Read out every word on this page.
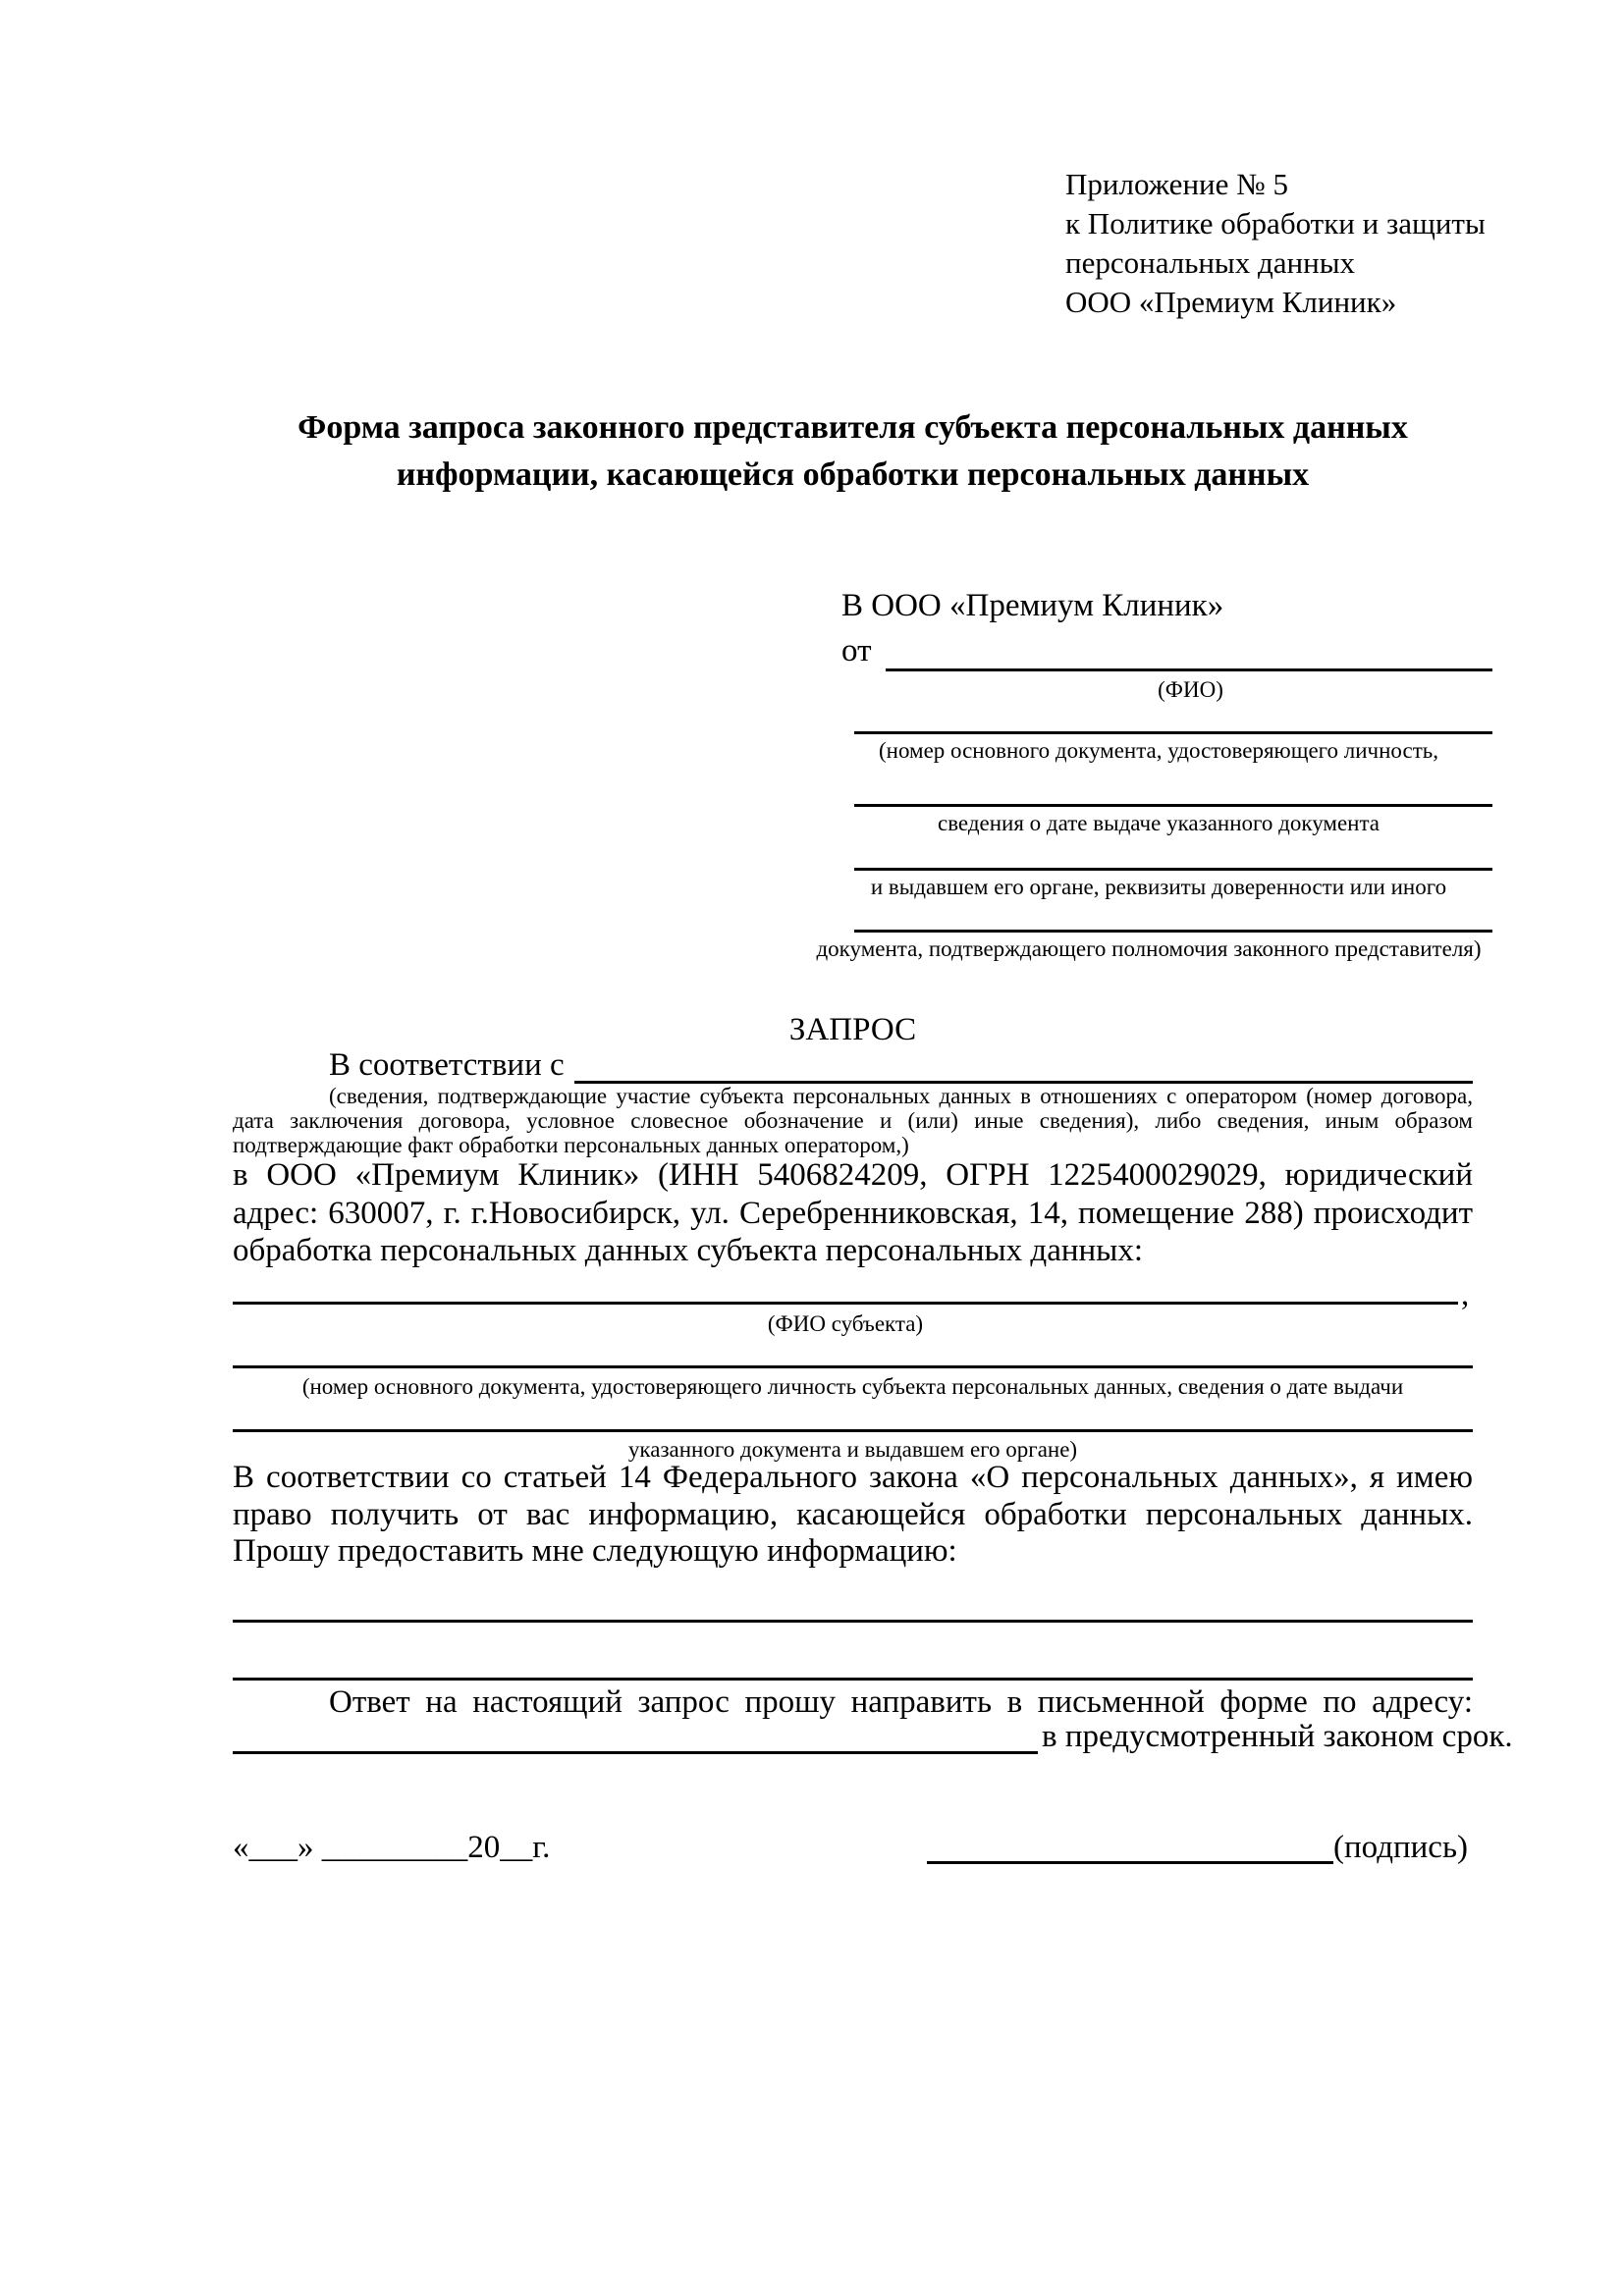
Приложение № 5
к Политике обработки и защиты
персональных данных
ООО «Премиум Клиник»
Форма запроса законного представителя субъекта персональных данных
информации, касающейся обработки персональных данных
В ООО «Премиум Клиник»
от
(ФИО)
(номер основного документа, удостоверяющего личность,
сведения о дате выдаче указанного документа
и выдавшем его органе, реквизиты доверенности или иного
документа, подтверждающего полномочия законного представителя)
ЗАПРОС
В соответствии с
(сведения, подтверждающие участие субъекта персональных данных в отношениях с оператором (номер договора, дата заключения договора, условное словесное обозначение и (или) иные сведения), либо сведения, иным образом подтверждающие факт обработки персональных данных оператором,)
в ООО «Премиум Клиник» (ИНН 5406824209, ОГРН 1225400029029, юридический адрес: 630007, г. г.Новосибирск, ул. Серебренниковская, 14, помещение 288) происходит обработка персональных данных субъекта персональных данных:
,
(ФИО субъекта)
(номер основного документа, удостоверяющего личность субъекта персональных данных, сведения о дате выдачи
указанного документа и выдавшем его органе)
В соответствии со статьей 14 Федерального закона «О персональных данных», я имею право получить от вас информацию, касающейся обработки персональных данных. Прошу предоставить мне следующую информацию:
Ответ на настоящий запрос прошу направить в письменной форме по адресу:
в предусмотренный законом срок.
«___» _________20__г.	(подпись)
